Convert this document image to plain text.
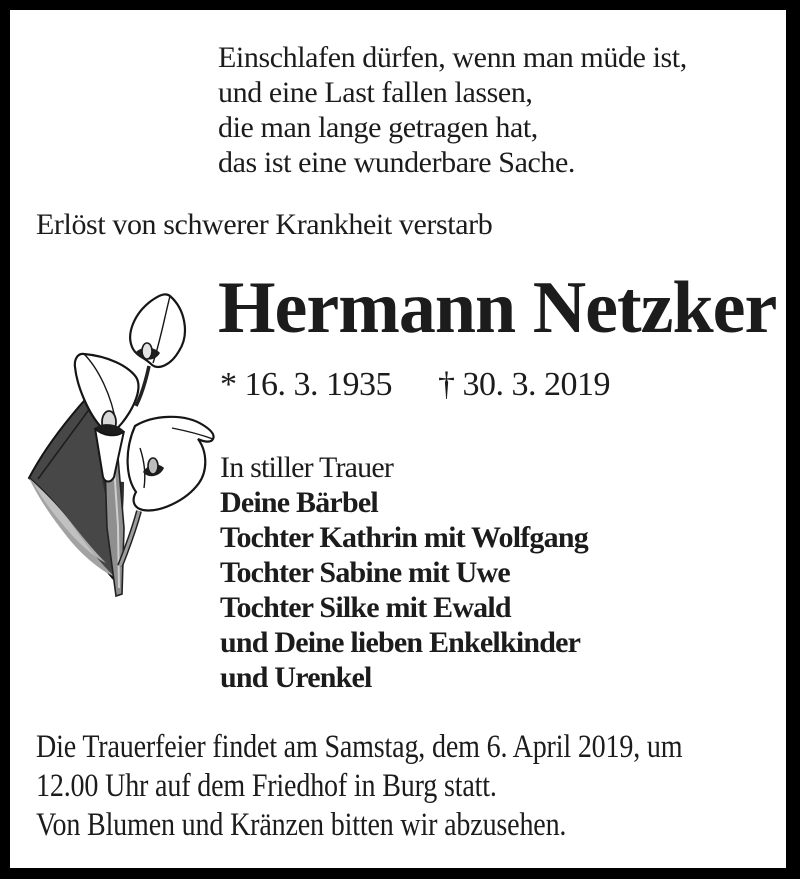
Einschlafen dürfen, wenn man müde ist,
und eine Last fallen lassen,
die man lange getragen hat,
das ist eine wunderbare Sache.
Erlöst von schwerer Krankheit verstarb
Hermann Netzker
* 16. 3. 1935 † 30. 3. 2019
In stiller Trauer
Deine Bärbel
Tochter Kathrin mit Wolfgang
Tochter Sabine mit Uwe
Tochter Silke mit Ewald
und Deine lieben Enkelkinder
und Urenkel
Die Trauerfeier findet am Samstag, dem 6. April 2019, um
12.00 Uhr auf dem Friedhof in Burg statt.
Von Blumen und Kränzen bitten wir abzusehen.
